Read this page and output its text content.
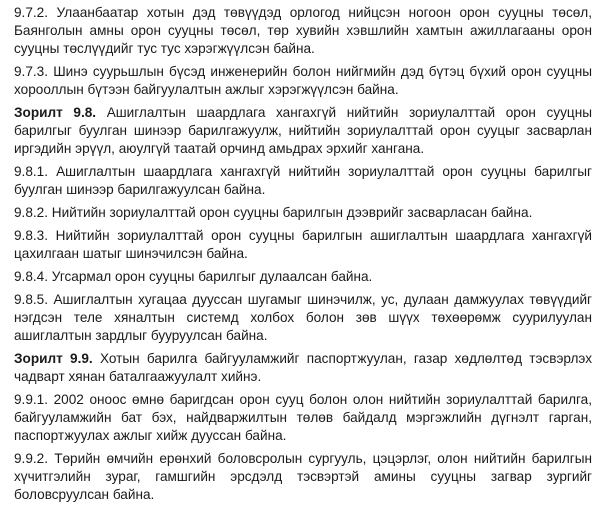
9.7.2. Улаанбаатар хотын дэд төвүүдэд орлогод нийцсэн ногоон орон сууцны төсөл, Баянголын амны орон сууцны төсөл, төр хувийн хэвшлийн хамтын ажиллагааны орон сууцны төслүүдийг тус тус хэрэгжүүлсэн байна.

9.7.3. Шинэ суурьшлын бүсэд инженерийн болон нийгмийн дэд бүтэц бүхий орон сууцны хорооллын бүтээн байгуулалтын ажлыг хэрэгжүүлсэн байна.

Зорилт 9.8. Ашиглалтын шаардлага хангахгүй нийтийн зориулалттай орон сууцны барилгыг буулган шинээр барилгажуулж, нийтийн зориулалттай орон сууцыг засварлан иргэдийн эрүүл, аюулгүй таатай орчинд амьдрах эрхийг хангана.

9.8.1. Ашиглалтын шаардлага хангахгүй нийтийн зориулалттай орон сууцны барилгыг буулган шинээр барилгажуулсан байна.

9.8.2. Нийтийн зориулалттай орон сууцны барилгын дээврийг засварласан байна.

9.8.3. Нийтийн зориулалттай орон сууцны барилгын ашиглалтын шаардлага хангахгүй цахилгаан шатыг шинэчилсэн байна.

9.8.4. Угсармал орон сууцны барилгыг дулаалсан байна.

9.8.5. Ашиглалтын хугацаа дууссан шугамыг шинэчилж, ус, дулаан дамжуулах төвүүдийг нэгдсэн теле хяналтын системд холбох болон зөв шүүх төхөөрөмж суурилуулан ашиглалтын зардлыг бууруулсан байна.

Зорилт 9.9. Хотын барилга байгууламжийг паспортжуулан, газар хөдлөлтөд тэсвэрлэх чадварт хянан баталгаажуулалт хийнэ.

9.9.1. 2002 оноос өмнө баригдсан орон сууц болон олон нийтийн зориулалттай барилга, байгууламжийн бат бэх, найдваржилтын төлөв байдалд мэргэжлийн дүгнэлт гарган, паспортжуулах ажлыг хийж дууссан байна.

9.9.2. Төрийн өмчийн ерөнхий боловсролын сургууль, цэцэрлэг, олон нийтийн барилгын хүчитгэлийн зураг, гамшгийн эрсдэлд тэсвэртэй амины сууцны загвар зургийг боловсруулсан байна.
